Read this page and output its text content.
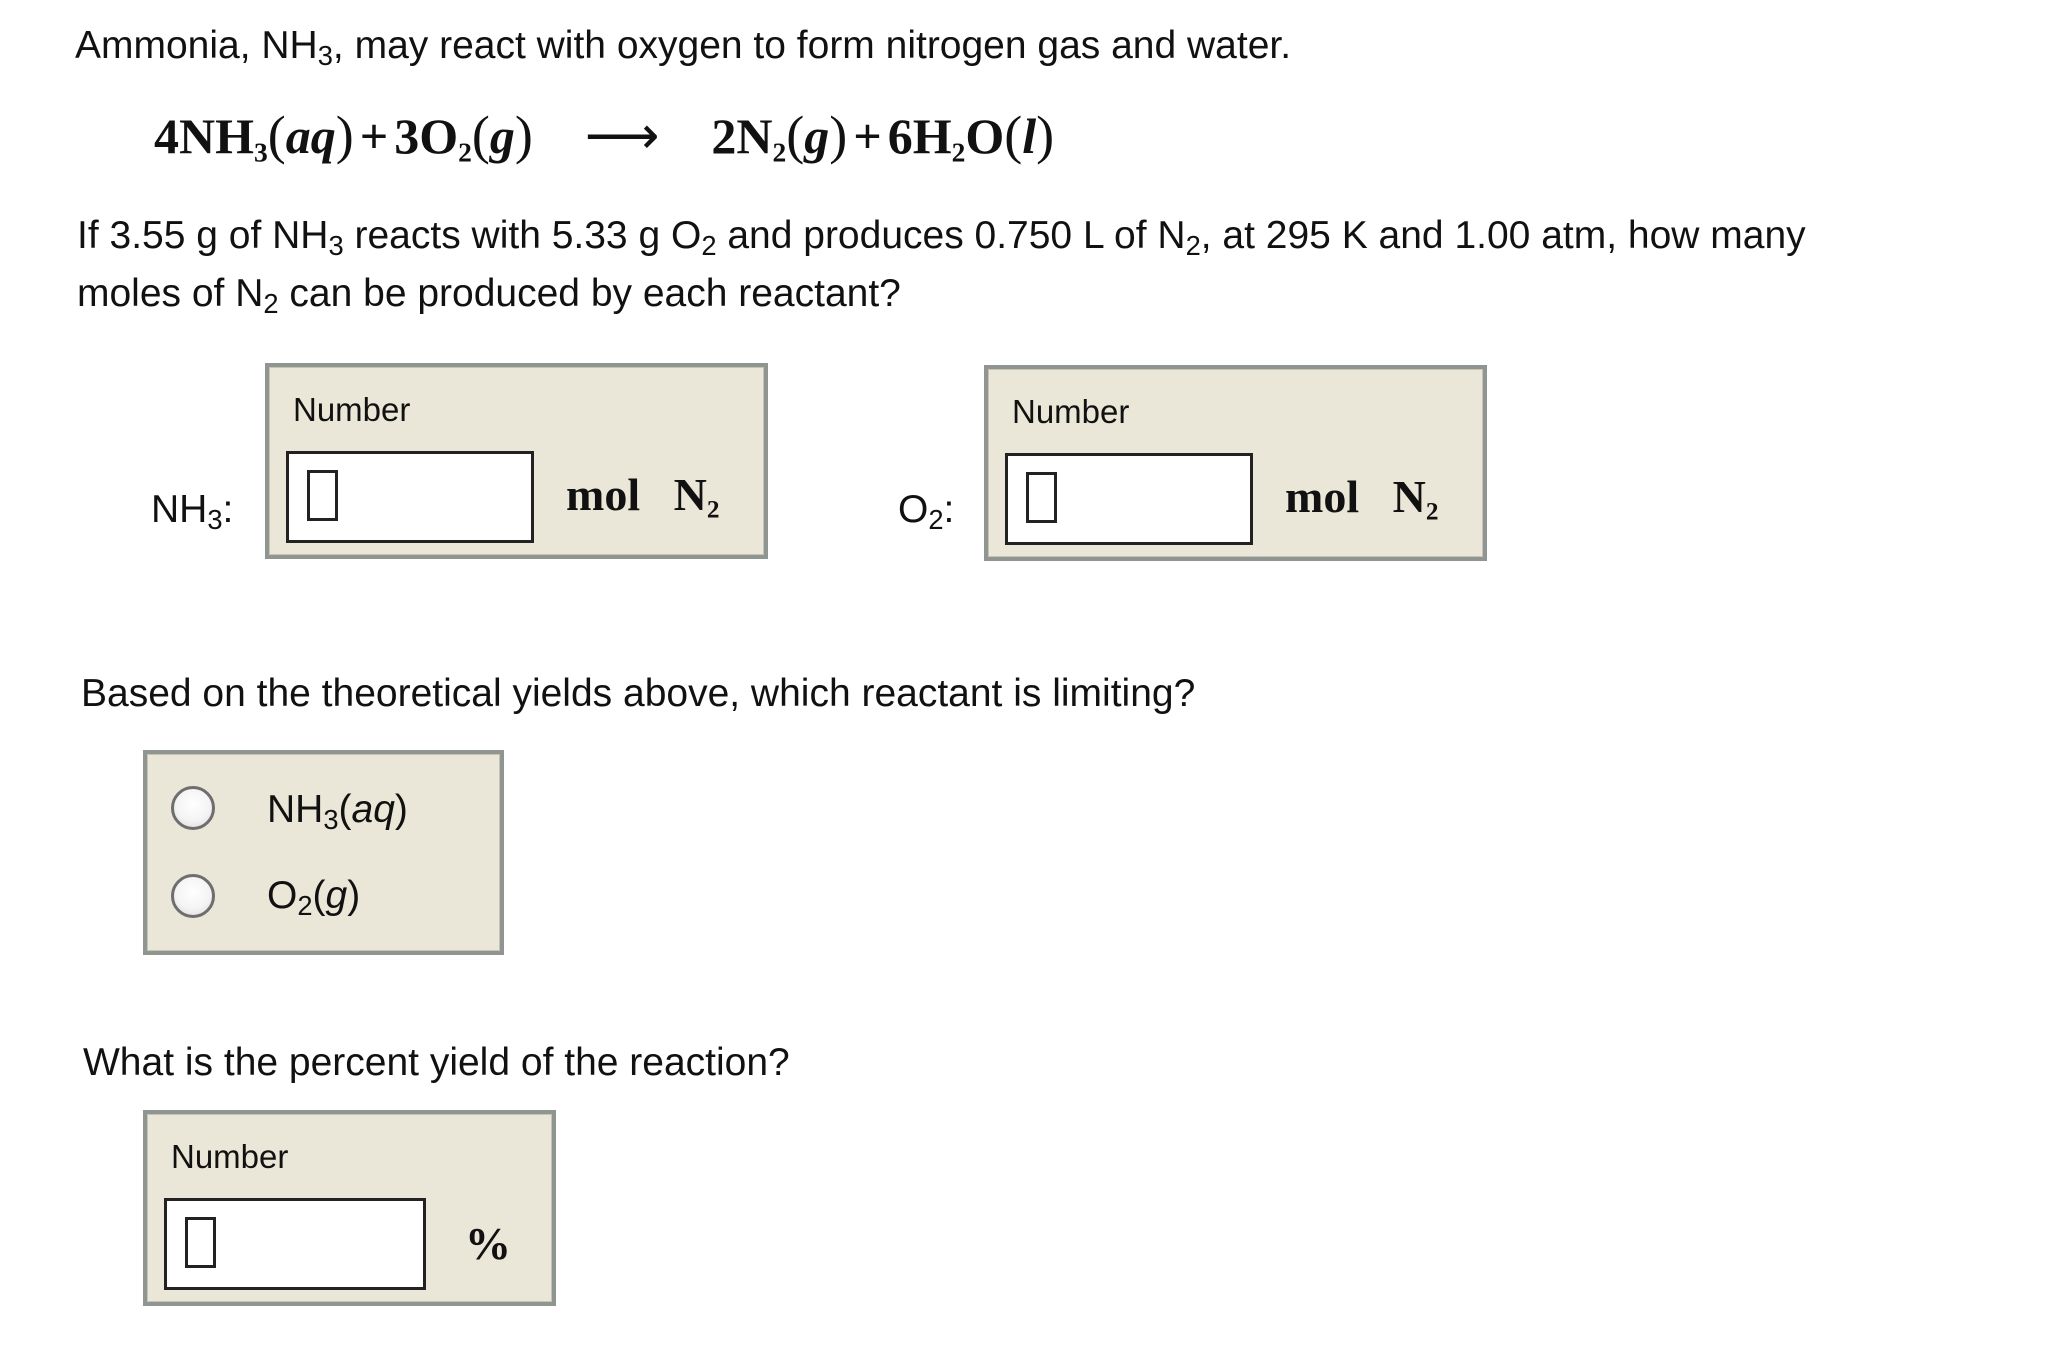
Ammonia, $NH_3$, may react with oxygen to form nitrogen gas and water.
$4NH_3(aq) + 3O_2(g)$ ⟶ $2N_2(g) + 6H_2O(l)$
If 3.55 g of $NH_3$ reacts with 5.33 g $O_2$ and produces 0.750 L of $N_2$, at 295 K and 1.00 atm, how many
moles of $N_2$ can be produced by each reactant?
$NH_3$:
Number
mol $N_2$	$O_2$:
Number
mol $N_2$
Based on the theoretical yields above, which reactant is limiting?
$NH_3(aq)$
$O_2(g)$
What is the percent yield of the reaction?
Number
%
